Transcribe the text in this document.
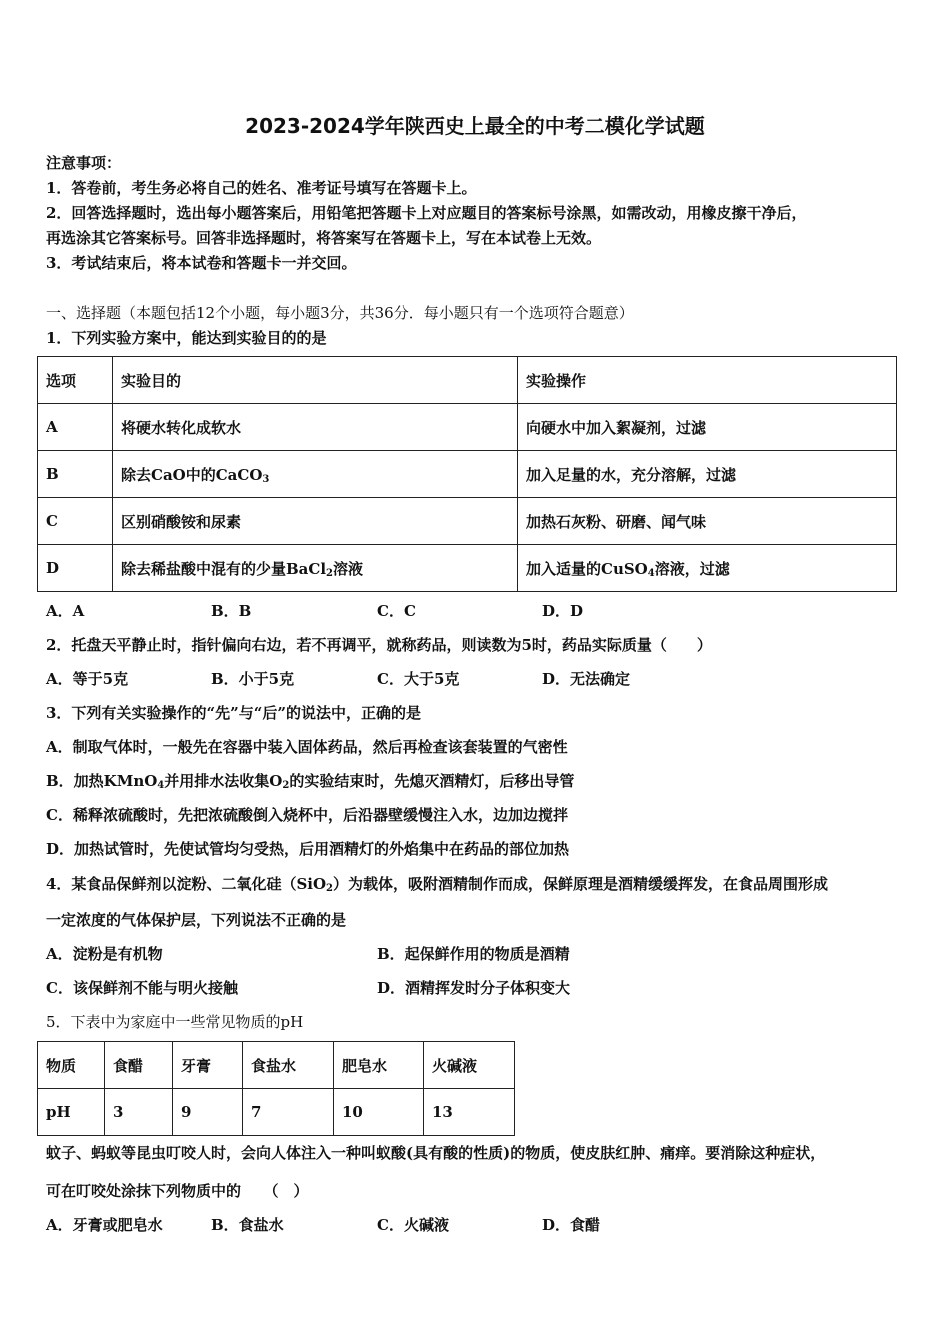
2023-2024学年陕西史上最全的中考二模化学试题
注意事项：
1．答卷前，考生务必将自己的姓名、准考证号填写在答题卡上。
2．回答选择题时，选出每小题答案后，用铅笔把答题卡上对应题目的答案标号涂黑，如需改动，用橡皮擦干净后，
再选涂其它答案标号。回答非选择题时，将答案写在答题卡上，写在本试卷上无效。
3．考试结束后，将本试卷和答题卡一并交回。
一、选择题（本题包括12个小题，每小题3分，共36分．每小题只有一个选项符合题意）
1．下列实验方案中，能达到实验目的的是
选项	实验目的	实验操作
A	将硬水转化成软水	向硬水中加入絮凝剂，过滤
B	除去CaO中的CaCO$_3$	加入足量的水，充分溶解，过滤
C	区别硝酸铵和尿素	加热石灰粉、研磨、闻气味
D	除去稀盐酸中混有的少量BaCl$_2$溶液	加入适量的CuSO$_4$溶液，过滤
A．A	B．B	C．C	D．D
2．托盘天平静止时，指针偏向右边，若不再调平，就称药品，则读数为5时，药品实际质量（　　）
A．等于5克	B．小于5克	C．大于5克	D．无法确定
3．下列有关实验操作的“先”与“后”的说法中，正确的是
A．制取气体时，一般先在容器中装入固体药品，然后再检查该套装置的气密性
B．加热KMnO$_4$并用排水法收集$O_2$的实验结束时，先熄灭酒精灯，后移出导管
C．稀释浓硫酸时，先把浓硫酸倒入烧杯中，后沿器壁缓慢注入水，边加边搅拌
D．加热试管时，先使试管均匀受热，后用酒精灯的外焰集中在药品的部位加热
4．某食品保鲜剂以淀粉、二氧化硅（SiO$_2$）为载体，吸附酒精制作而成，保鲜原理是酒精缓缓挥发，在食品周围形成
一定浓度的气体保护层，下列说法不正确的是
A．淀粉是有机物	B．起保鲜作用的物质是酒精
C．该保鲜剂不能与明火接触	D．酒精挥发时分子体积变大
5．下表中为家庭中一些常见物质的pH
物质	食醋	牙膏	食盐水	肥皂水	火碱液
pH	3	9	7	10	13
蚊子、蚂蚁等昆虫叮咬人时，会向人体注入一种叫蚁酸(具有酸的性质)的物质，使皮肤红肿、痛痒。要消除这种症状，
可在叮咬处涂抹下列物质中的　　（　）
A．牙膏或肥皂水	B．食盐水	C．火碱液	D．食醋
